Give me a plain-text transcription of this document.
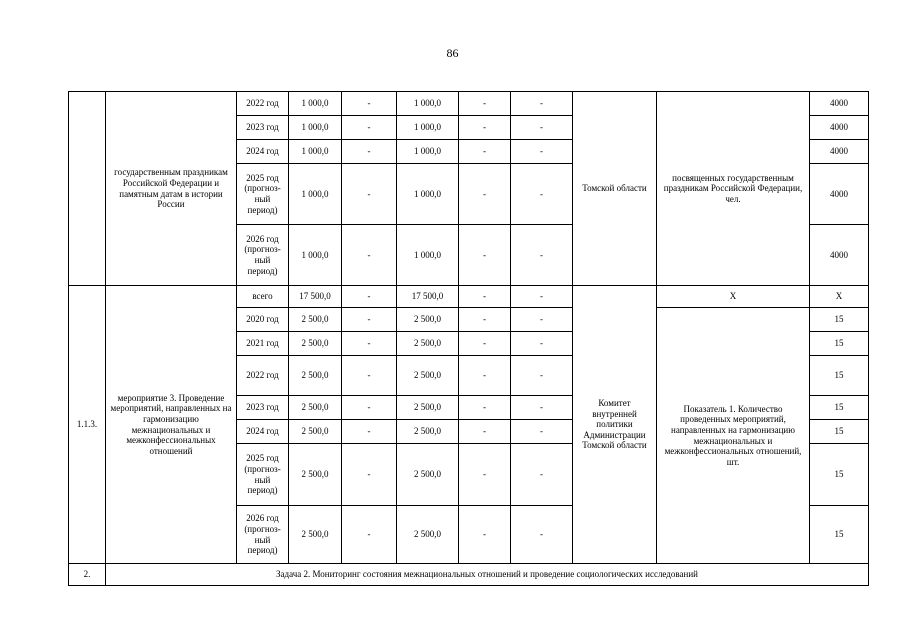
86
	государственным праздникам Российской Федерации и памятным датам в истории России	2022 год	1 000,0	-	1 000,0	-	-	Томской области	посвященных государственным праздникам Российской Федерации, чел.	4000
		2023 год	1 000,0	-	1 000,0	-	-			4000
		2024 год	1 000,0	-	1 000,0	-	-			4000
		2025 год (прогноз-ный период)	1 000,0	-	1 000,0	-	-			4000
		2026 год (прогноз-ный период)	1 000,0	-	1 000,0	-	-			4000
1.1.3.	мероприятие 3. Проведение мероприятий, направленных на гармонизацию межнациональных и межконфессиональных отношений	всего	17 500,0	-	17 500,0	-	-	Комитет внутренней политики Администрации Томской области	Х	Х
		2020 год	2 500,0	-	2 500,0	-	-		Показатель 1. Количество проведенных мероприятий, направленных на гармонизацию межнациональных и межконфессиональных отношений, шт.	15
		2021 год	2 500,0	-	2 500,0	-	-			15
		2022 год	2 500,0	-	2 500,0	-	-			15
		2023 год	2 500,0	-	2 500,0	-	-			15
		2024 год	2 500,0	-	2 500,0	-	-			15
		2025 год (прогноз-ный период)	2 500,0	-	2 500,0	-	-			15
		2026 год (прогноз-ный период)	2 500,0	-	2 500,0	-	-			15
2.	Задача 2. Мониторинг состояния межнациональных отношений и проведение социологических исследований									
